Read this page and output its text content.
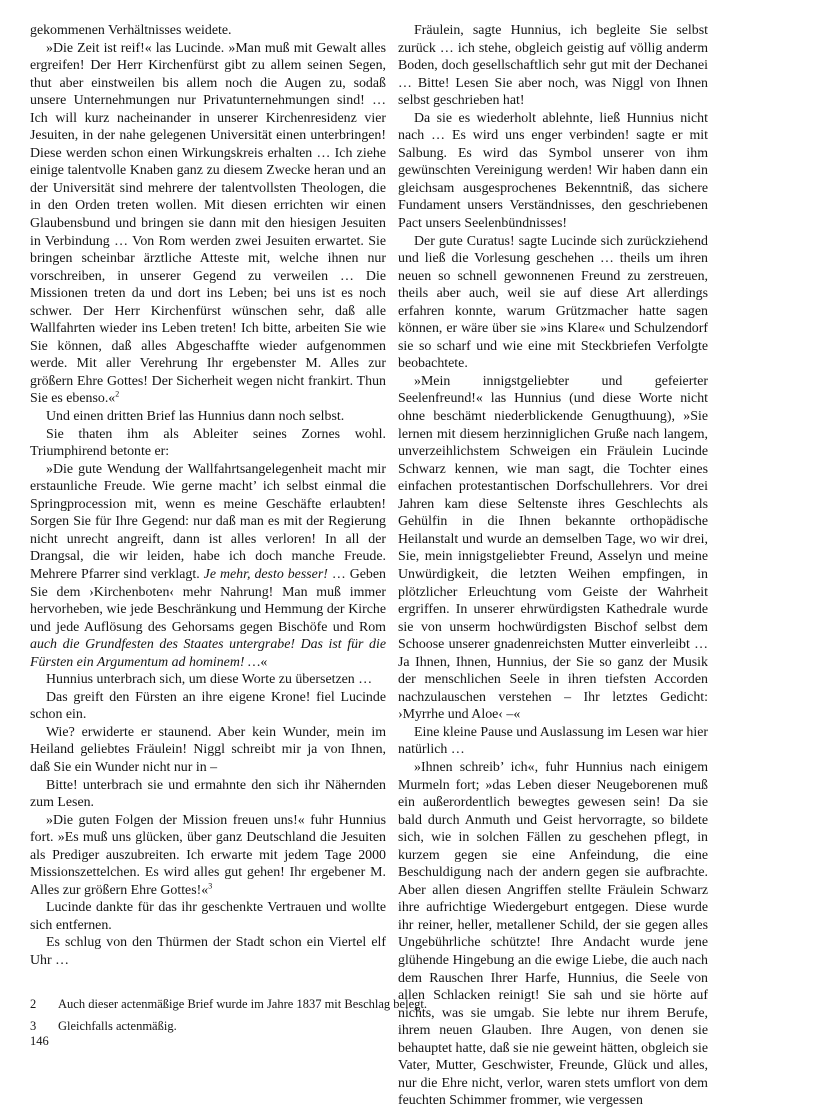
gekommenen Verhältnisses weidete.

»Die Zeit ist reif!« las Lucinde. »Man muß mit Gewalt alles ergreifen! Der Herr Kirchenfürst gibt zu allem seinen Segen, thut aber einstweilen bis allem noch die Augen zu, sodaß unsere Unternehmungen nur Privatunternehmungen sind! … Ich will kurz nacheinander in unserer Kirchenresidenz vier Jesuiten, in der nahe gelegenen Universität einen unterbringen! Diese werden schon einen Wirkungskreis erhalten … Ich ziehe einige talentvolle Knaben ganz zu diesem Zwecke heran und an der Universität sind mehrere der talentvollsten Theologen, die in den Orden treten wollen. Mit diesen errichten wir einen Glaubensbund und bringen sie dann mit den hiesigen Jesuiten in Verbindung … Von Rom werden zwei Jesuiten erwartet. Sie bringen scheinbar ärztliche Atteste mit, welche ihnen nur vorschreiben, in unserer Gegend zu verweilen … Die Missionen treten da und dort ins Leben; bei uns ist es noch schwer. Der Herr Kirchenfürst wünschen sehr, daß alle Wallfahrten wieder ins Leben treten! Ich bitte, arbeiten Sie wie Sie können, daß alles Abgeschaffte wieder aufgenommen werde. Mit aller Verehrung Ihr ergebenster M. Alles zur größern Ehre Gottes! Der Sicherheit wegen nicht frankirt. Thun Sie es ebenso.«$^2$

Und einen dritten Brief las Hunnius dann noch selbst.

Sie thaten ihm als Ableiter seines Zornes wohl. Triumphirend betonte er:

»Die gute Wendung der Wallfahrtsangelegenheit macht mir erstaunliche Freude. Wie gerne macht’ ich selbst einmal die Springprocession mit, wenn es meine Geschäfte erlaubten! Sorgen Sie für Ihre Gegend: nur daß man es mit der Regierung nicht unrecht angreift, dann ist alles verloren! In all der Drangsal, die wir leiden, habe ich doch manche Freude. Mehrere Pfarrer sind verklagt. Je mehr, desto besser! … Geben Sie dem ›Kirchenboten‹ mehr Nahrung! Man muß immer hervorheben, wie jede Beschränkung und Hemmung der Kirche und jede Auflösung des Gehorsams gegen Bischöfe und Rom auch die Grundfesten des Staates untergrabe! Das ist für die Fürsten ein Argumentum ad hominem! …«

Hunnius unterbrach sich, um diese Worte zu übersetzen …

Das greift den Fürsten an ihre eigene Krone! fiel Lucinde schon ein.

Wie? erwiderte er staunend. Aber kein Wunder, mein im Heiland geliebtes Fräulein! Niggl schreibt mir ja von Ihnen, daß Sie ein Wunder nicht nur in –

Bitte! unterbrach sie und ermahnte den sich ihr Nähernden zum Lesen.

»Die guten Folgen der Mission freuen uns!« fuhr Hunnius fort. »Es muß uns glücken, über ganz Deutschland die Jesuiten als Prediger auszubreiten. Ich erwarte mit jedem Tage 2000 Missionszettelchen. Es wird alles gut gehen! Ihr ergebener M. Alles zur größern Ehre Gottes!«$^3$

Lucinde dankte für das ihr geschenkte Vertrauen und wollte sich entfernen.

Es schlug von den Thürmen der Stadt schon ein Viertel elf Uhr …

Fräulein, sagte Hunnius, ich begleite Sie selbst zurück … ich stehe, obgleich geistig auf völlig anderm Boden, doch gesellschaftlich sehr gut mit der Dechanei … Bitte! Lesen Sie aber noch, was Niggl von Ihnen selbst geschrieben hat!

Da sie es wiederholt ablehnte, ließ Hunnius nicht nach … Es wird uns enger verbinden! sagte er mit Salbung. Es wird das Symbol unserer von ihm gewünschten Vereinigung werden! Wir haben dann ein gleichsam ausgesprochenes Bekenntniß, das sichere Fundament unsers Verständnisses, den geschriebenen Pact unsers Seelenbündnisses!

Der gute Curatus! sagte Lucinde sich zurückziehend und ließ die Vorlesung geschehen … theils um ihren neuen so schnell gewonnenen Freund zu zerstreuen, theils aber auch, weil sie auf diese Art allerdings erfahren konnte, warum Grützmacher hatte sagen können, er wäre über sie »ins Klare« und Schulzendorf sie so scharf und wie eine mit Steckbriefen Verfolgte beobachtete.

»Mein innigstgeliebter und gefeierter Seelenfreund!« las Hunnius (und diese Worte nicht ohne beschämt niederblickende Genugthuung), »Sie lernen mit diesem herzinniglichen Gruße nach langem, unverzeihlichstem Schweigen ein Fräulein Lucinde Schwarz kennen, wie man sagt, die Tochter eines einfachen protestantischen Dorfschullehrers. Vor drei Jahren kam diese Seltenste ihres Geschlechts als Gehülfin in die Ihnen bekannte orthopädische Heilanstalt und wurde an demselben Tage, wo wir drei, Sie, mein innigstgeliebter Freund, Asselyn und meine Unwürdigkeit, die letzten Weihen empfingen, in plötzlicher Erleuchtung vom Geiste der Wahrheit ergriffen. In unserer ehrwürdigsten Kathedrale wurde sie von unserm hochwürdigsten Bischof selbst dem Schoose unserer gnadenreichsten Mutter einverleibt … Ja Ihnen, Ihnen, Hunnius, der Sie so ganz der Musik der menschlichen Seele in ihren tiefsten Accorden nachzulauschen verstehen – Ihr letztes Gedicht: ›Myrrhe und Aloe‹ –«

Eine kleine Pause und Auslassung im Lesen war hier natürlich …

»Ihnen schreib’ ich«, fuhr Hunnius nach einigem Murmeln fort; »das Leben dieser Neugeborenen muß ein außerordentlich bewegtes gewesen sein! Da sie bald durch Anmuth und Geist hervorragte, so bildete sich, wie in solchen Fällen zu geschehen pflegt, in kurzem gegen sie eine Anfeindung, die eine Beschuldigung nach der andern gegen sie aufbrachte. Aber allen diesen Angriffen stellte Fräulein Schwarz ihre aufrichtige Wiedergeburt entgegen. Diese wurde ihr reiner, heller, metallener Schild, der sie gegen alles Ungebührliche schützte! Ihre Andacht wurde jene glühende Hingebung an die ewige Liebe, die auch nach dem Rauschen Ihrer Harfe, Hunnius, die Seele von allen Schlacken reinigt! Sie sah und sie hörte auf nichts, was sie umgab. Sie lebte nur ihrem Berufe, ihrem neuen Glauben. Ihre Augen, von denen sie behauptet hatte, daß sie nie geweint hätten, obgleich sie Vater, Mutter, Geschwister, Freunde, Glück und alles, nur die Ehre nicht, verlor, waren stets umflort von dem feuchten Schimmer frommer, wie vergessen

2 Auch dieser actenmäßige Brief wurde im Jahre 1837 mit Beschlag belegt.
3 Gleichfalls actenmäßig.
146
